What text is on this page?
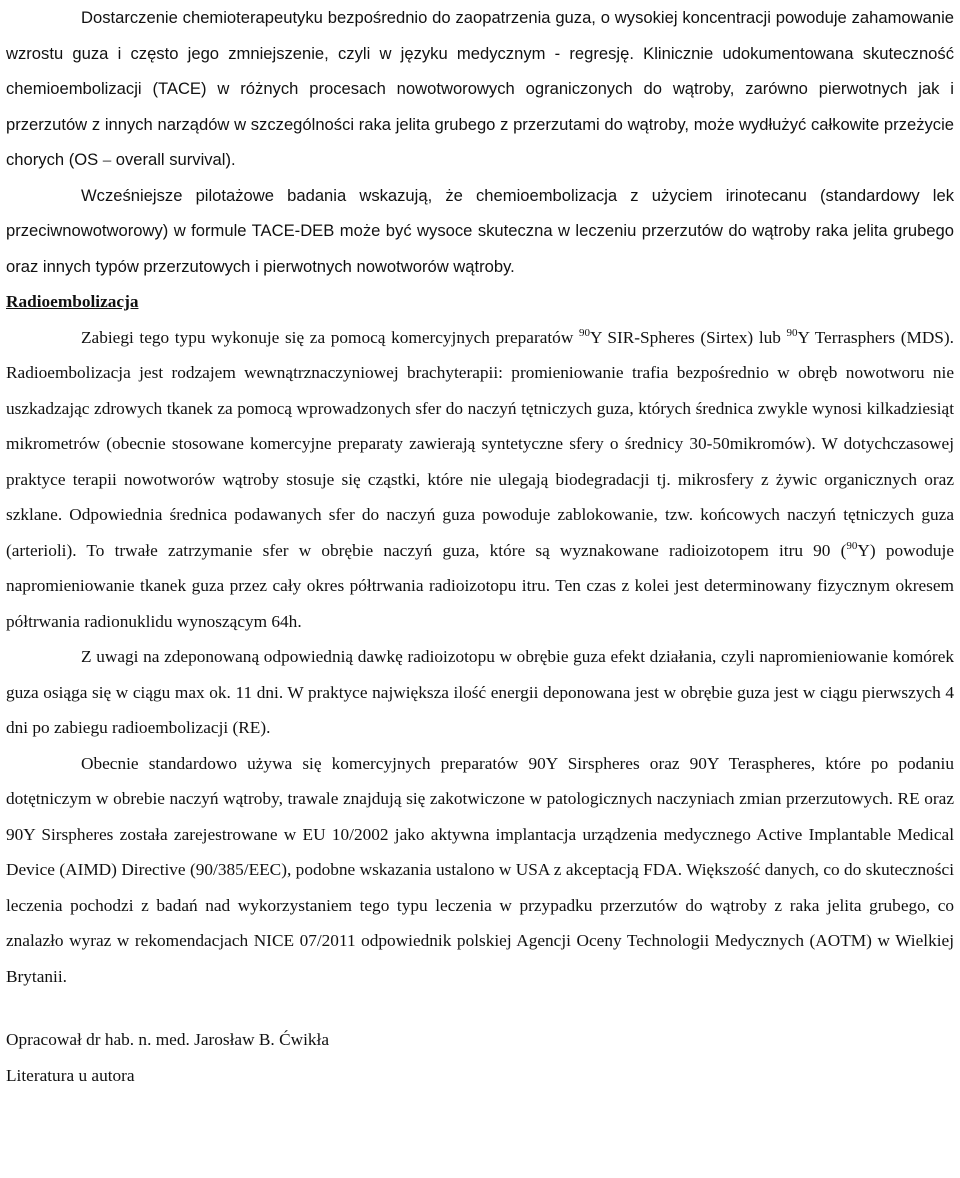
Dostarczenie chemioterapeutyku bezpośrednio do zaopatrzenia guza, o wysokiej koncentracji powoduje zahamowanie wzrostu guza i często jego zmniejszenie, czyli w języku medycznym - regresję. Klinicznie udokumentowana skuteczność chemioembolizacji (TACE) w różnych procesach nowotworowych ograniczonych do wątroby, zarówno pierwotnych jak i przerzutów z innych narządów w szczególności raka jelita grubego z przerzutami do wątroby, może wydłużyć całkowite przeżycie chorych (OS – overall survival).

Wcześniejsze pilotażowe badania wskazują, że chemioembolizacja z użyciem irinotecanu (standardowy lek przeciwnowotworowy) w formule TACE-DEB może być wysoce skuteczna w leczeniu przerzutów do wątroby raka jelita grubego oraz innych typów przerzutowych i pierwotnych nowotworów wątroby.

Radioembolizacja

Zabiegi tego typu wykonuje się za pomocą komercyjnych preparatów $^{90}$Y SIR-Spheres (Sirtex) lub $^{90}$Y Terrasphers (MDS). Radioembolizacja jest rodzajem wewnątrznaczyniowej brachyterapii: promieniowanie trafia bezpośrednio w obręb nowotworu nie uszkadzając zdrowych tkanek za pomocą wprowadzonych sfer do naczyń tętniczych guza, których średnica zwykle wynosi kilkadziesiąt mikrometrów (obecnie stosowane komercyjne preparaty zawierają syntetyczne sfery o średnicy 30-50mikromów). W dotychczasowej praktyce terapii nowotworów wątroby stosuje się cząstki, które nie ulegają biodegradacji tj. mikrosfery z żywic organicznych oraz szklane. Odpowiednia średnica podawanych sfer do naczyń guza powoduje zablokowanie, tzw. końcowych naczyń tętniczych guza (arterioli). To trwałe zatrzymanie sfer w obrębie naczyń guza, które są wyznakowane radioizotopem itru 90 ($^{90}$Y) powoduje napromieniowanie tkanek guza przez cały okres półtrwania radioizotopu itru. Ten czas z kolei jest determinowany fizycznym okresem półtrwania radionuklidu wynoszącym 64h.

Z uwagi na zdeponowaną odpowiednią dawkę radioizotopu w obrębie guza efekt działania, czyli napromieniowanie komórek guza osiąga się w ciągu max ok. 11 dni. W praktyce największa ilość energii deponowana jest w obrębie guza jest w ciągu pierwszych 4 dni po zabiegu radioembolizacji (RE).

Obecnie standardowo używa się komercyjnych preparatów 90Y Sirspheres oraz 90Y Teraspheres, które po podaniu dotętniczym w obrebie naczyń wątroby, trawale znajdują się zakotwiczone w patologicznych naczyniach zmian przerzutowych. RE oraz 90Y Sirspheres została zarejestrowane w EU 10/2002 jako aktywna implantacja urządzenia medycznego Active Implantable Medical Device (AIMD) Directive (90/385/EEC), podobne wskazania ustalono w USA z akceptacją FDA. Większość danych, co do skuteczności leczenia pochodzi z badań nad wykorzystaniem tego typu leczenia w przypadku przerzutów do wątroby z raka jelita grubego, co znalazło wyraz w rekomendacjach NICE 07/2011 odpowiednik polskiej Agencji Oceny Technologii Medycznych (AOTM) w Wielkiej Brytanii.

Opracował dr hab. n. med. Jarosław B. Ćwikła

Literatura u autora
